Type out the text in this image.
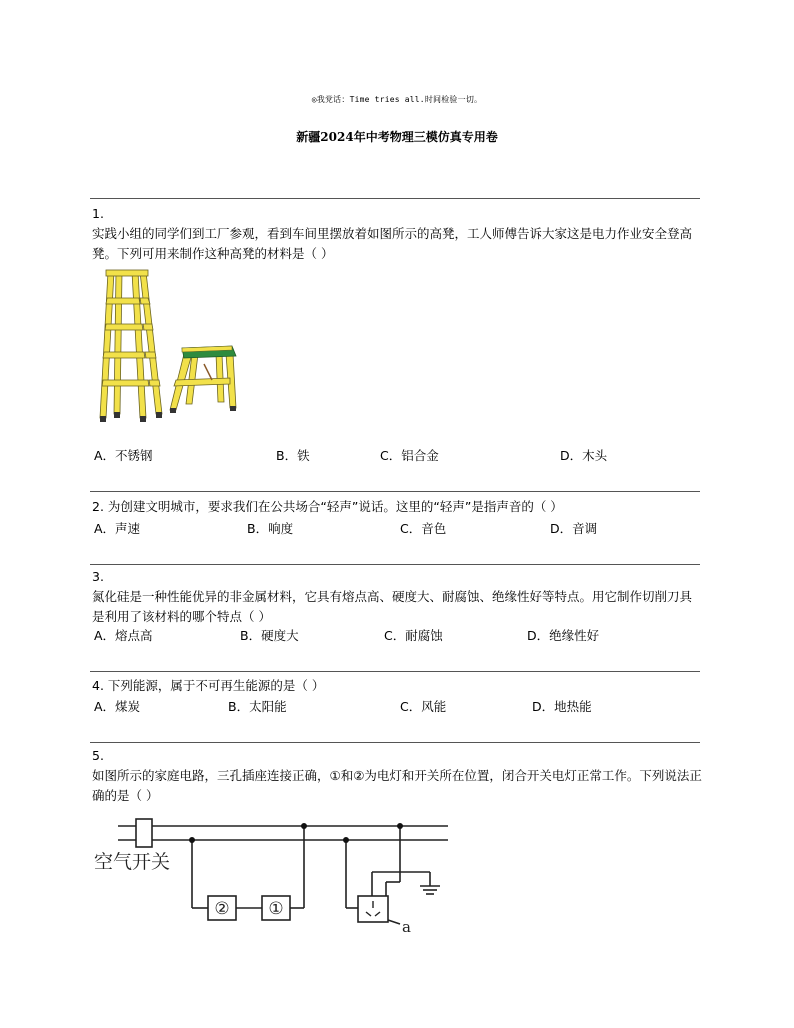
◎我党话：Time tries all.时间检验一切。
新疆2024年中考物理三模仿真专用卷
1.
实践小组的同学们到工厂参观，看到车间里摆放着如图所示的高凳，工人师傅告诉大家这是电力作业安全登高凳。下列可用来制作这种高凳的材料是（ ）
A．不锈钢	B．铁	C．铝合金	D．木头
2. 为创建文明城市，要求我们在公共场合“轻声”说话。这里的“轻声”是指声音的（ ）
A．声速	B．响度	C．音色	D．音调
3.
氮化硅是一种性能优异的非金属材料，它具有熔点高、硬度大、耐腐蚀、绝缘性好等特点。用它制作切削刀具是利用了该材料的哪个特点（ ）
A．熔点高	B．硬度大	C．耐腐蚀	D．绝缘性好
4. 下列能源，属于不可再生能源的是（ ）
A．煤炭	B．太阳能	C．风能	D．地热能
5.
如图所示的家庭电路，三孔插座连接正确，①和②为电灯和开关所在位置，闭合开关电灯正常工作。下列说法正确的是（ ）
空气开关
② ①
a
